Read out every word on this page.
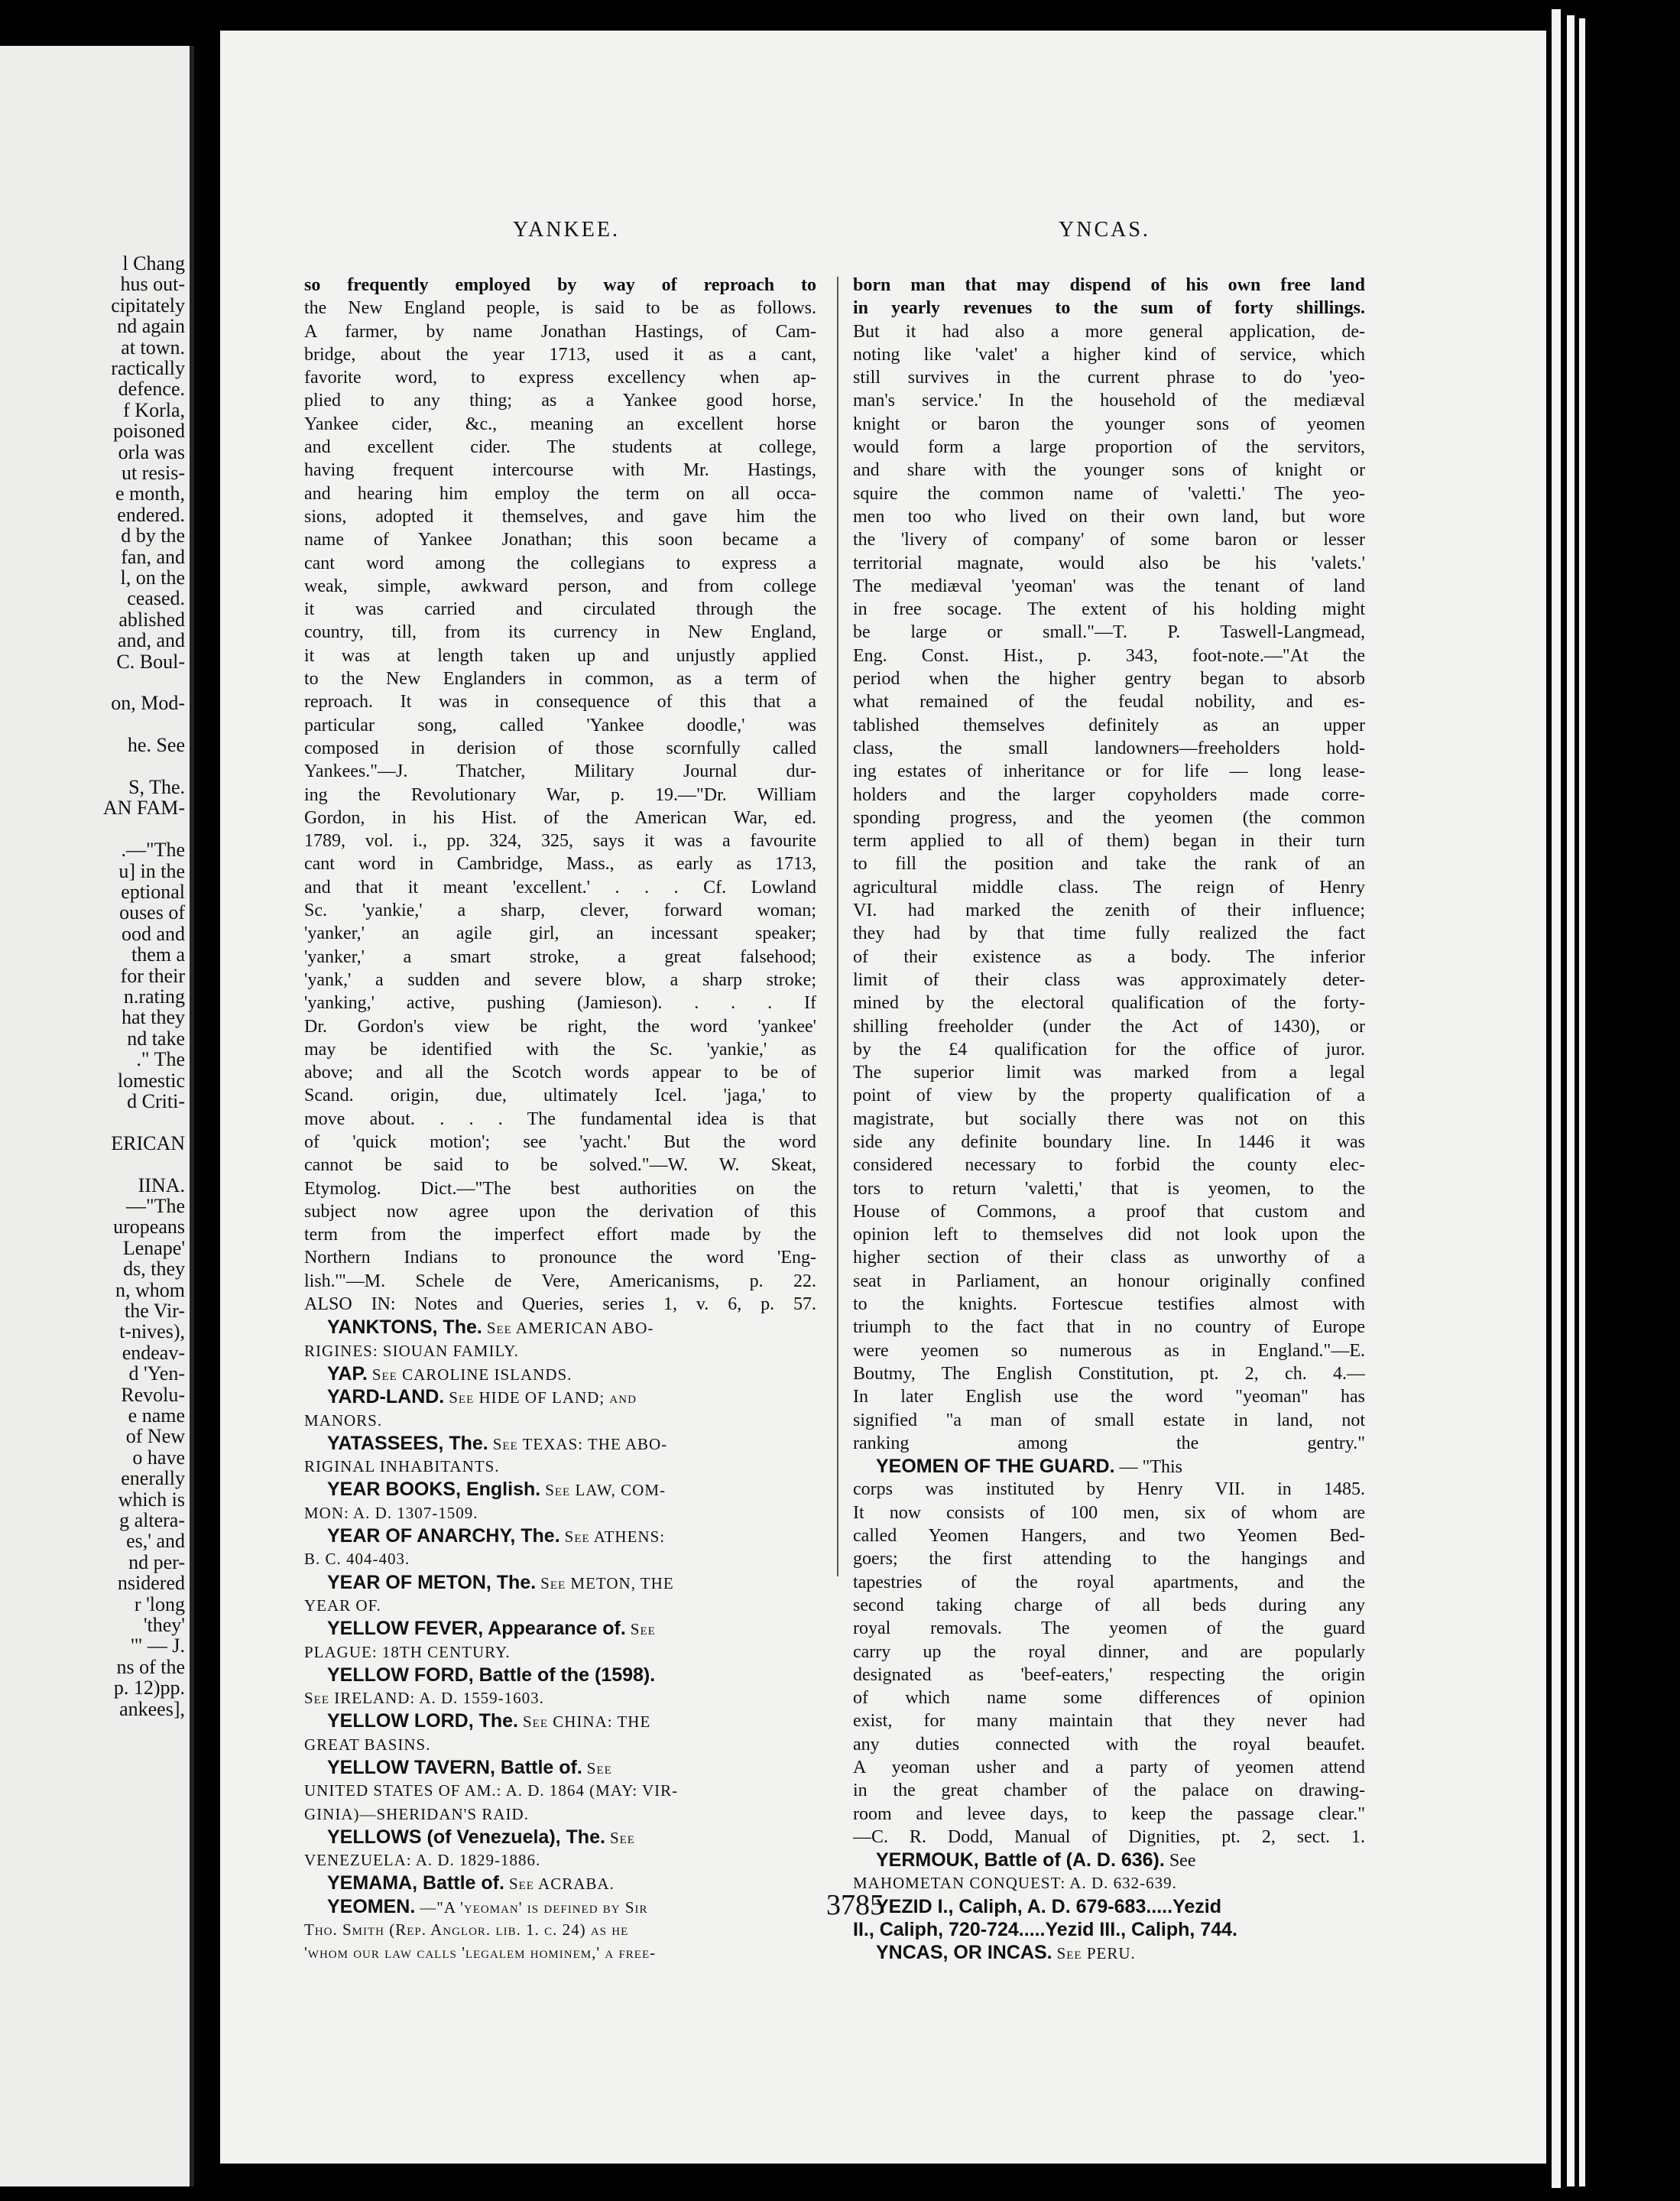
l Chang
hus out-
cipitately
nd again
at town.
ractically
defence.
f Korla,
poisoned
orla was
ut resis-
e month,
endered.
d by the
fan, and
l, on the
ceased.
ablished
and, and
C. Boul-
on, Mod-
he. See
S, The.
AN FAM-
.—"The
u] in the
eptional
ouses of
ood and
them a
for their
n.rating
hat they
nd take
." The
lomestic
d Criti-
ERICAN
IINA.
—"The
uropeans
Lenape'
ds, they
n, whom
the Vir-
t-nives),
endeav-
d 'Yen-
Revolu-
e name
of New
o have
enerally
which is
g altera-
es,' and
nd per-
nsidered
r 'long
'they'
'" — J.
ns of the
p. 12)pp.
ankees],
YANKEE.	YNCAS.
so frequently employed by way of reproach to
the New England people, is said to be as follows.
A farmer, by name Jonathan Hastings, of Cam-
bridge, about the year 1713, used it as a cant,
favorite word, to express excellency when ap-
plied to any thing; as a Yankee good horse,
Yankee cider, &c., meaning an excellent horse
and excellent cider. The students at college,
having frequent intercourse with Mr. Hastings,
and hearing him employ the term on all occa-
sions, adopted it themselves, and gave him the
name of Yankee Jonathan; this soon became a
cant word among the collegians to express a
weak, simple, awkward person, and from college
it was carried and circulated through the
country, till, from its currency in New England,
it was at length taken up and unjustly applied
to the New Englanders in common, as a term of
reproach. It was in consequence of this that a
particular song, called 'Yankee doodle,' was
composed in derision of those scornfully called
Yankees."—J. Thatcher, Military Journal dur-
ing the Revolutionary War, p. 19.—"Dr. William
Gordon, in his Hist. of the American War, ed.
1789, vol. i., pp. 324, 325, says it was a favourite
cant word in Cambridge, Mass., as early as 1713,
and that it meant 'excellent.' . . . Cf. Lowland
Sc. 'yankie,' a sharp, clever, forward woman;
'yanker,' an agile girl, an incessant speaker;
'yanker,' a smart stroke, a great falsehood;
'yank,' a sudden and severe blow, a sharp stroke;
'yanking,' active, pushing (Jamieson). . . . If
Dr. Gordon's view be right, the word 'yankee'
may be identified with the Sc. 'yankie,' as
above; and all the Scotch words appear to be of
Scand. origin, due, ultimately Icel. 'jaga,' to
move about. . . . The fundamental idea is that
of 'quick motion'; see 'yacht.' But the word
cannot be said to be solved."—W. W. Skeat,
Etymolog. Dict.—"The best authorities on the
subject now agree upon the derivation of this
term from the imperfect effort made by the
Northern Indians to pronounce the word 'Eng-
lish.'"—M. Schele de Vere, Americanisms, p. 22.
ALSO IN: Notes and Queries, series 1, v. 6, p. 57.
YANKTONS, The. See AMERICAN ABO-
RIGINES: SIOUAN FAMILY.
YAP. See CAROLINE ISLANDS.
YARD-LAND. See HIDE OF LAND; and
MANORS.
YATASSEES, The. See TEXAS: THE ABO-
RIGINAL INHABITANTS.
YEAR BOOKS, English. See LAW, COM-
MON: A. D. 1307-1509.
YEAR OF ANARCHY, The. See ATHENS:
B. C. 404-403.
YEAR OF METON, The. See METON, THE
YEAR OF.
YELLOW FEVER, Appearance of. See
PLAGUE: 18TH CENTURY.
YELLOW FORD, Battle of the (1598).
See IRELAND: A. D. 1559-1603.
YELLOW LORD, The. See CHINA: THE
GREAT BASINS.
YELLOW TAVERN, Battle of. See
UNITED STATES OF AM.: A. D. 1864 (MAY: VIR-
GINIA)—SHERIDAN'S RAID.
YELLOWS (of Venezuela), The. See
VENEZUELA: A. D. 1829-1886.
YEMAMA, Battle of. See ACRABA.
YEOMEN. —"A 'yeoman' is defined by Sir
Tho. Smith (Rep. Anglor. lib. 1. c. 24) as he
'whom our law calls 'legalem hominem,' a free-
born man that may dispend of his own free land
in yearly revenues to the sum of forty shillings.
But it had also a more general application, de-
noting like 'valet' a higher kind of service, which
still survives in the current phrase to do 'yeo-
man's service.' In the household of the mediæval
knight or baron the younger sons of yeomen
would form a large proportion of the servitors,
and share with the younger sons of knight or
squire the common name of 'valetti.' The yeo-
men too who lived on their own land, but wore
the 'livery of company' of some baron or lesser
territorial magnate, would also be his 'valets.'
The mediæval 'yeoman' was the tenant of land
in free socage. The extent of his holding might
be large or small."—T. P. Taswell-Langmead,
Eng. Const. Hist., p. 343, foot-note.—"At the
period when the higher gentry began to absorb
what remained of the feudal nobility, and es-
tablished themselves definitely as an upper
class, the small landowners—freeholders hold-
ing estates of inheritance or for life — long lease-
holders and the larger copyholders made corre-
sponding progress, and the yeomen (the common
term applied to all of them) began in their turn
to fill the position and take the rank of an
agricultural middle class. The reign of Henry
VI. had marked the zenith of their influence;
they had by that time fully realized the fact
of their existence as a body. The inferior
limit of their class was approximately deter-
mined by the electoral qualification of the forty-
shilling freeholder (under the Act of 1430), or
by the £4 qualification for the office of juror.
The superior limit was marked from a legal
point of view by the property qualification of a
magistrate, but socially there was not on this
side any definite boundary line. In 1446 it was
considered necessary to forbid the county elec-
tors to return 'valetti,' that is yeomen, to the
House of Commons, a proof that custom and
opinion left to themselves did not look upon the
higher section of their class as unworthy of a
seat in Parliament, an honour originally confined
to the knights. Fortescue testifies almost with
triumph to the fact that in no country of Europe
were yeomen so numerous as in England."—E.
Boutmy, The English Constitution, pt. 2, ch. 4.—
In later English use the word "yeoman" has
signified "a man of small estate in land, not
ranking among the gentry."
YEOMEN OF THE GUARD. — "This
corps was instituted by Henry VII. in 1485.
It now consists of 100 men, six of whom are
called Yeomen Hangers, and two Yeomen Bed-
goers; the first attending to the hangings and
tapestries of the royal apartments, and the
second taking charge of all beds during any
royal removals. The yeomen of the guard
carry up the royal dinner, and are popularly
designated as 'beef-eaters,' respecting the origin
of which name some differences of opinion
exist, for many maintain that they never had
any duties connected with the royal beaufet.
A yeoman usher and a party of yeomen attend
in the great chamber of the palace on drawing-
room and levee days, to keep the passage clear."
—C. R. Dodd, Manual of Dignities, pt. 2, sect. 1.
YERMOUK, Battle of (A. D. 636). See
MAHOMETAN CONQUEST: A. D. 632-639.
YEZID I., Caliph, A. D. 679-683.....Yezid
II., Caliph, 720-724.....Yezid III., Caliph, 744.
YNCAS, OR INCAS. See PERU.
3785
